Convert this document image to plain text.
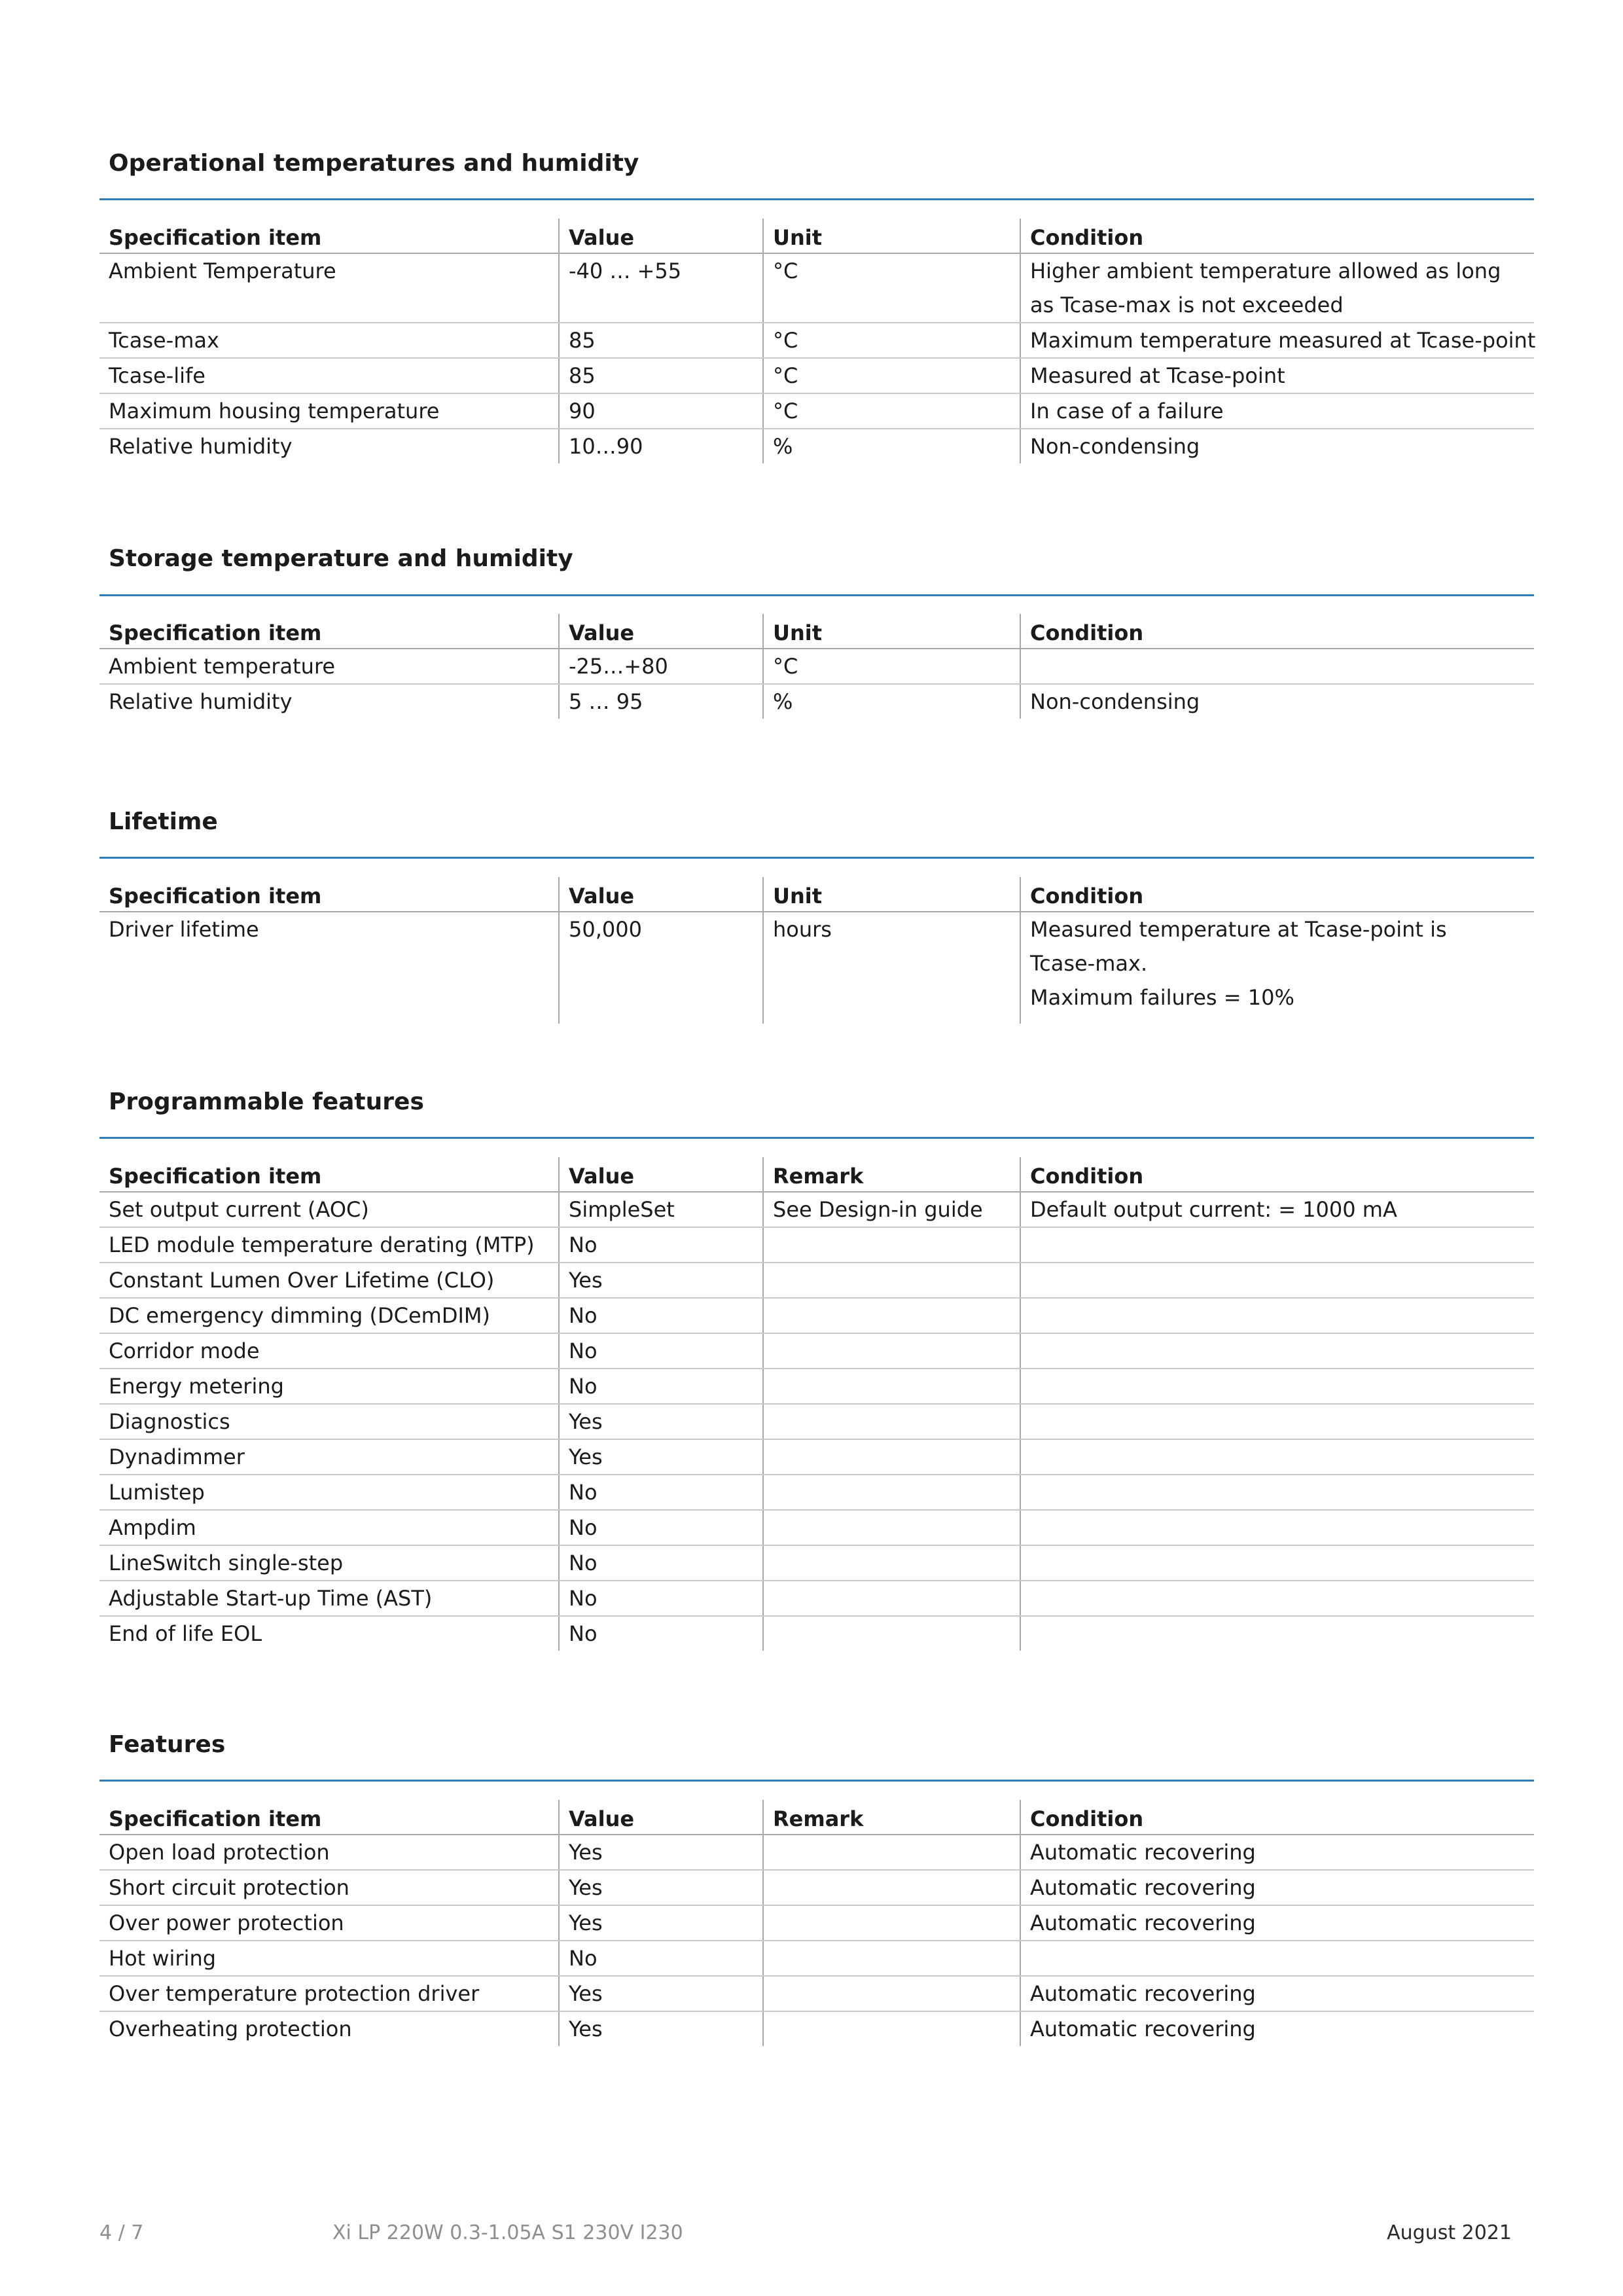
Operational temperatures and humidity
Specification item	Value	Unit	Condition
Ambient Temperature	-40 … +55	°C	Higher ambient temperature allowed as long
as Tcase-max is not exceeded

Tcase-max	85	°C	Maximum temperature measured at Tcase-point
Tcase-life	85	°C	Measured at Tcase-point
Maximum housing temperature	90	°C	In case of a failure
Relative humidity	10…90	%	Non-condensing
Storage temperature and humidity
Specification item	Value	Unit	Condition
Ambient temperature	-25…+80	°C	
Relative humidity	5 … 95	%	Non-condensing
Lifetime
Specification item	Value	Unit	Condition
Driver lifetime	50,000	hours	Measured temperature at Tcase-point is
Tcase-max.
Maximum failures = 10%
Programmable features
Specification item	Value	Remark	Condition
Set output current (AOC)	SimpleSet	See Design-in guide	Default output current: = 1000 mA
LED module temperature derating (MTP)	No		
Constant Lumen Over Lifetime (CLO)	Yes		
DC emergency dimming (DCemDIM)	No		
Corridor mode	No		
Energy metering	No		
Diagnostics	Yes		
Dynadimmer	Yes		
Lumistep	No		
Ampdim	No		
LineSwitch single-step	No		
Adjustable Start-up Time (AST)	No		
End of life EOL	No		
Features
Specification item	Value	Remark	Condition
Open load protection	Yes		Automatic recovering
Short circuit protection	Yes		Automatic recovering
Over power protection	Yes		Automatic recovering
Hot wiring	No		
Over temperature protection driver	Yes		Automatic recovering
Overheating protection	Yes		Automatic recovering
4 / 7	Xi LP 220W 0.3-1.05A S1 230V I230	August 2021
